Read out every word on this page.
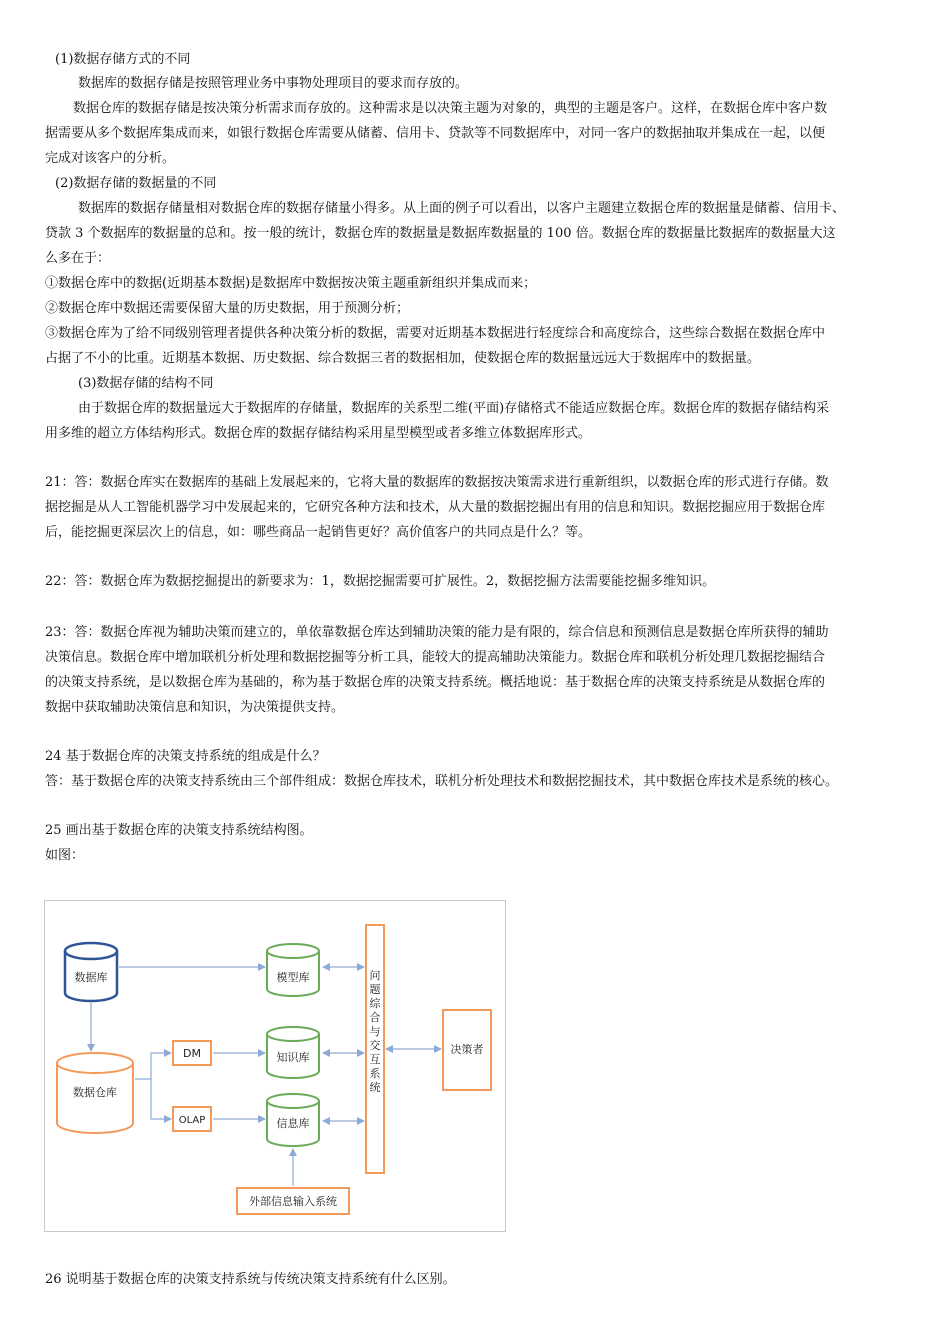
(1)数据存储方式的不同
数据库的数据存储是按照管理业务中事物处理项目的要求而存放的。
数据仓库的数据存储是按决策分析需求而存放的。这种需求是以决策主题为对象的，典型的主题是客户。这样，在数据仓库中客户数
据需要从多个数据库集成而来，如银行数据仓库需要从储蓄、信用卡、贷款等不同数据库中，对同一客户的数据抽取并集成在一起，以便
完成对该客户的分析。
(2)数据存储的数据量的不同
数据库的数据存储量相对数据仓库的数据存储量小得多。从上面的例子可以看出，以客户主题建立数据仓库的数据量是储蓄、信用卡、
贷款 3 个数据库的数据量的总和。按一般的统计，数据仓库的数据量是数据库数据量的 100 倍。数据仓库的数据量比数据库的数据量大这
么多在于：
①数据仓库中的数据(近期基本数据)是数据库中数据按决策主题重新组织并集成而来；
②数据仓库中数据还需要保留大量的历史数据，用于预测分析；
③数据仓库为了给不同级别管理者提供各种决策分析的数据，需要对近期基本数据进行轻度综合和高度综合，这些综合数据在数据仓库中
占据了不小的比重。近期基本数据、历史数据、综合数据三者的数据相加，使数据仓库的数据量远远大于数据库中的数据量。
(3)数据存储的结构不同
由于数据仓库的数据量远大于数据库的存储量，数据库的关系型二维(平面)存储格式不能适应数据仓库。数据仓库的数据存储结构采
用多维的超立方体结构形式。数据仓库的数据存储结构采用星型模型或者多维立体数据库形式。
21：答：数据仓库实在数据库的基础上发展起来的，它将大量的数据库的数据按决策需求进行重新组织，以数据仓库的形式进行存储。数
据挖掘是从人工智能机器学习中发展起来的，它研究各种方法和技术，从大量的数据挖掘出有用的信息和知识。数据挖掘应用于数据仓库
后，能挖掘更深层次上的信息，如：哪些商品一起销售更好？高价值客户的共同点是什么？等。
22：答：数据仓库为数据挖掘提出的新要求为：1，数据挖掘需要可扩展性。2，数据挖掘方法需要能挖掘多维知识。
23：答：数据仓库视为辅助决策而建立的，单依靠数据仓库达到辅助决策的能力是有限的，综合信息和预测信息是数据仓库所获得的辅助
决策信息。数据仓库中增加联机分析处理和数据挖掘等分析工具，能较大的提高辅助决策能力。数据仓库和联机分析处理几数据挖掘结合
的决策支持系统，是以数据仓库为基础的，称为基于数据仓库的决策支持系统。概括地说：基于数据仓库的决策支持系统是从数据仓库的
数据中获取辅助决策信息和知识，为决策提供支持。
24 基于数据仓库的决策支持系统的组成是什么？
答：基于数据仓库的决策支持系统由三个部件组成：数据仓库技术，联机分析处理技术和数据挖掘技术，其中数据仓库技术是系统的核心。
25 画出基于数据仓库的决策支持系统结构图。
如图：
数据库	模型库
知识库
信息库
数据仓库
DM
OLAP
问
题
综
合
与
交
互
系
统
决策者
外部信息输入系统
26 说明基于数据仓库的决策支持系统与传统决策支持系统有什么区别。
